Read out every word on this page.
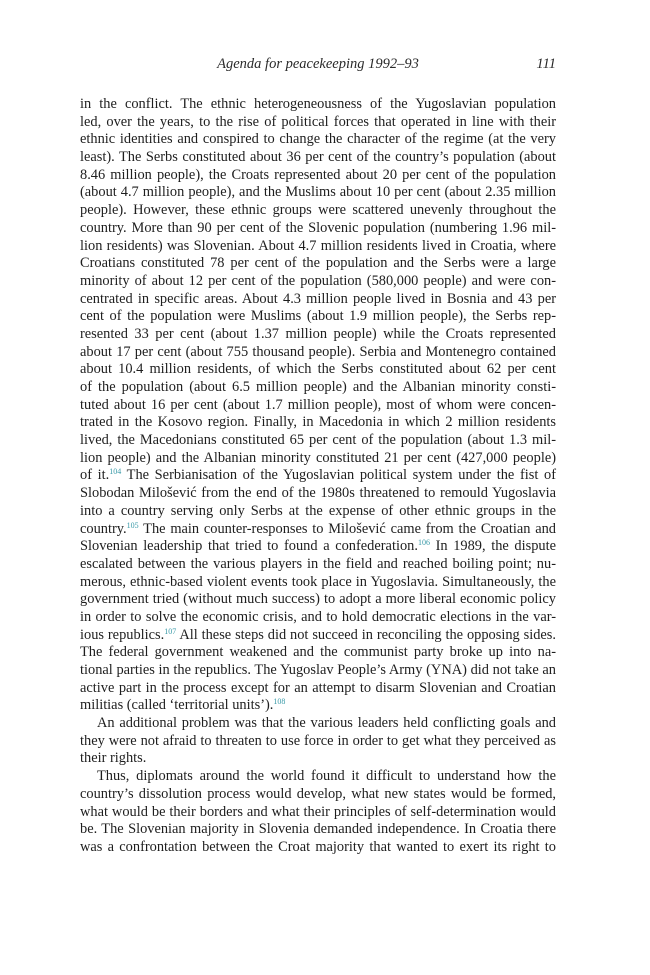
Agenda for peacekeeping 1992–93	111
in the conflict. The ethnic heterogeneousness of the Yugoslavian population
led, over the years, to the rise of political forces that operated in line with their
ethnic identities and conspired to change the character of the regime (at the very
least). The Serbs constituted about 36 per cent of the country’s population (about
8.46 million people), the Croats represented about 20 per cent of the population
(about 4.7 million people), and the Muslims about 10 per cent (about 2.35 million
people). However, these ethnic groups were scattered unevenly throughout the
country. More than 90 per cent of the Slovenic population (numbering 1.96 mil-
lion residents) was Slovenian. About 4.7 million residents lived in Croatia, where
Croatians constituted 78 per cent of the population and the Serbs were a large
minority of about 12 per cent of the population (580,000 people) and were con-
centrated in specific areas. About 4.3 million people lived in Bosnia and 43 per
cent of the population were Muslims (about 1.9 million people), the Serbs rep-
resented 33 per cent (about 1.37 million people) while the Croats represented
about 17 per cent (about 755 thousand people). Serbia and Montenegro contained
about 10.4 million residents, of which the Serbs constituted about 62 per cent
of the population (about 6.5 million people) and the Albanian minority consti-
tuted about 16 per cent (about 1.7 million people), most of whom were concen-
trated in the Kosovo region. Finally, in Macedonia in which 2 million residents
lived, the Macedonians constituted 65 per cent of the population (about 1.3 mil-
lion people) and the Albanian minority constituted 21 per cent (427,000 people)
of it.$^{104}$ The Serbianisation of the Yugoslavian political system under the fist of
Slobodan Milošević from the end of the 1980s threatened to remould Yugoslavia
into a country serving only Serbs at the expense of other ethnic groups in the
country.$^{105}$ The main counter-responses to Milošević came from the Croatian and
Slovenian leadership that tried to found a confederation.$^{106}$ In 1989, the dispute
escalated between the various players in the field and reached boiling point; nu-
merous, ethnic-based violent events took place in Yugoslavia. Simultaneously, the
government tried (without much success) to adopt a more liberal economic policy
in order to solve the economic crisis, and to hold democratic elections in the var-
ious republics.$^{107}$ All these steps did not succeed in reconciling the opposing sides.
The federal government weakened and the communist party broke up into na-
tional parties in the republics. The Yugoslav People’s Army (YNA) did not take an
active part in the process except for an attempt to disarm Slovenian and Croatian
militias (called ‘territorial units’).$^{108}$
An additional problem was that the various leaders held conflicting goals and
they were not afraid to threaten to use force in order to get what they perceived as
their rights.
Thus, diplomats around the world found it difficult to understand how the
country’s dissolution process would develop, what new states would be formed,
what would be their borders and what their principles of self-determination would
be. The Slovenian majority in Slovenia demanded independence. In Croatia there
was a confrontation between the Croat majority that wanted to exert its right to
